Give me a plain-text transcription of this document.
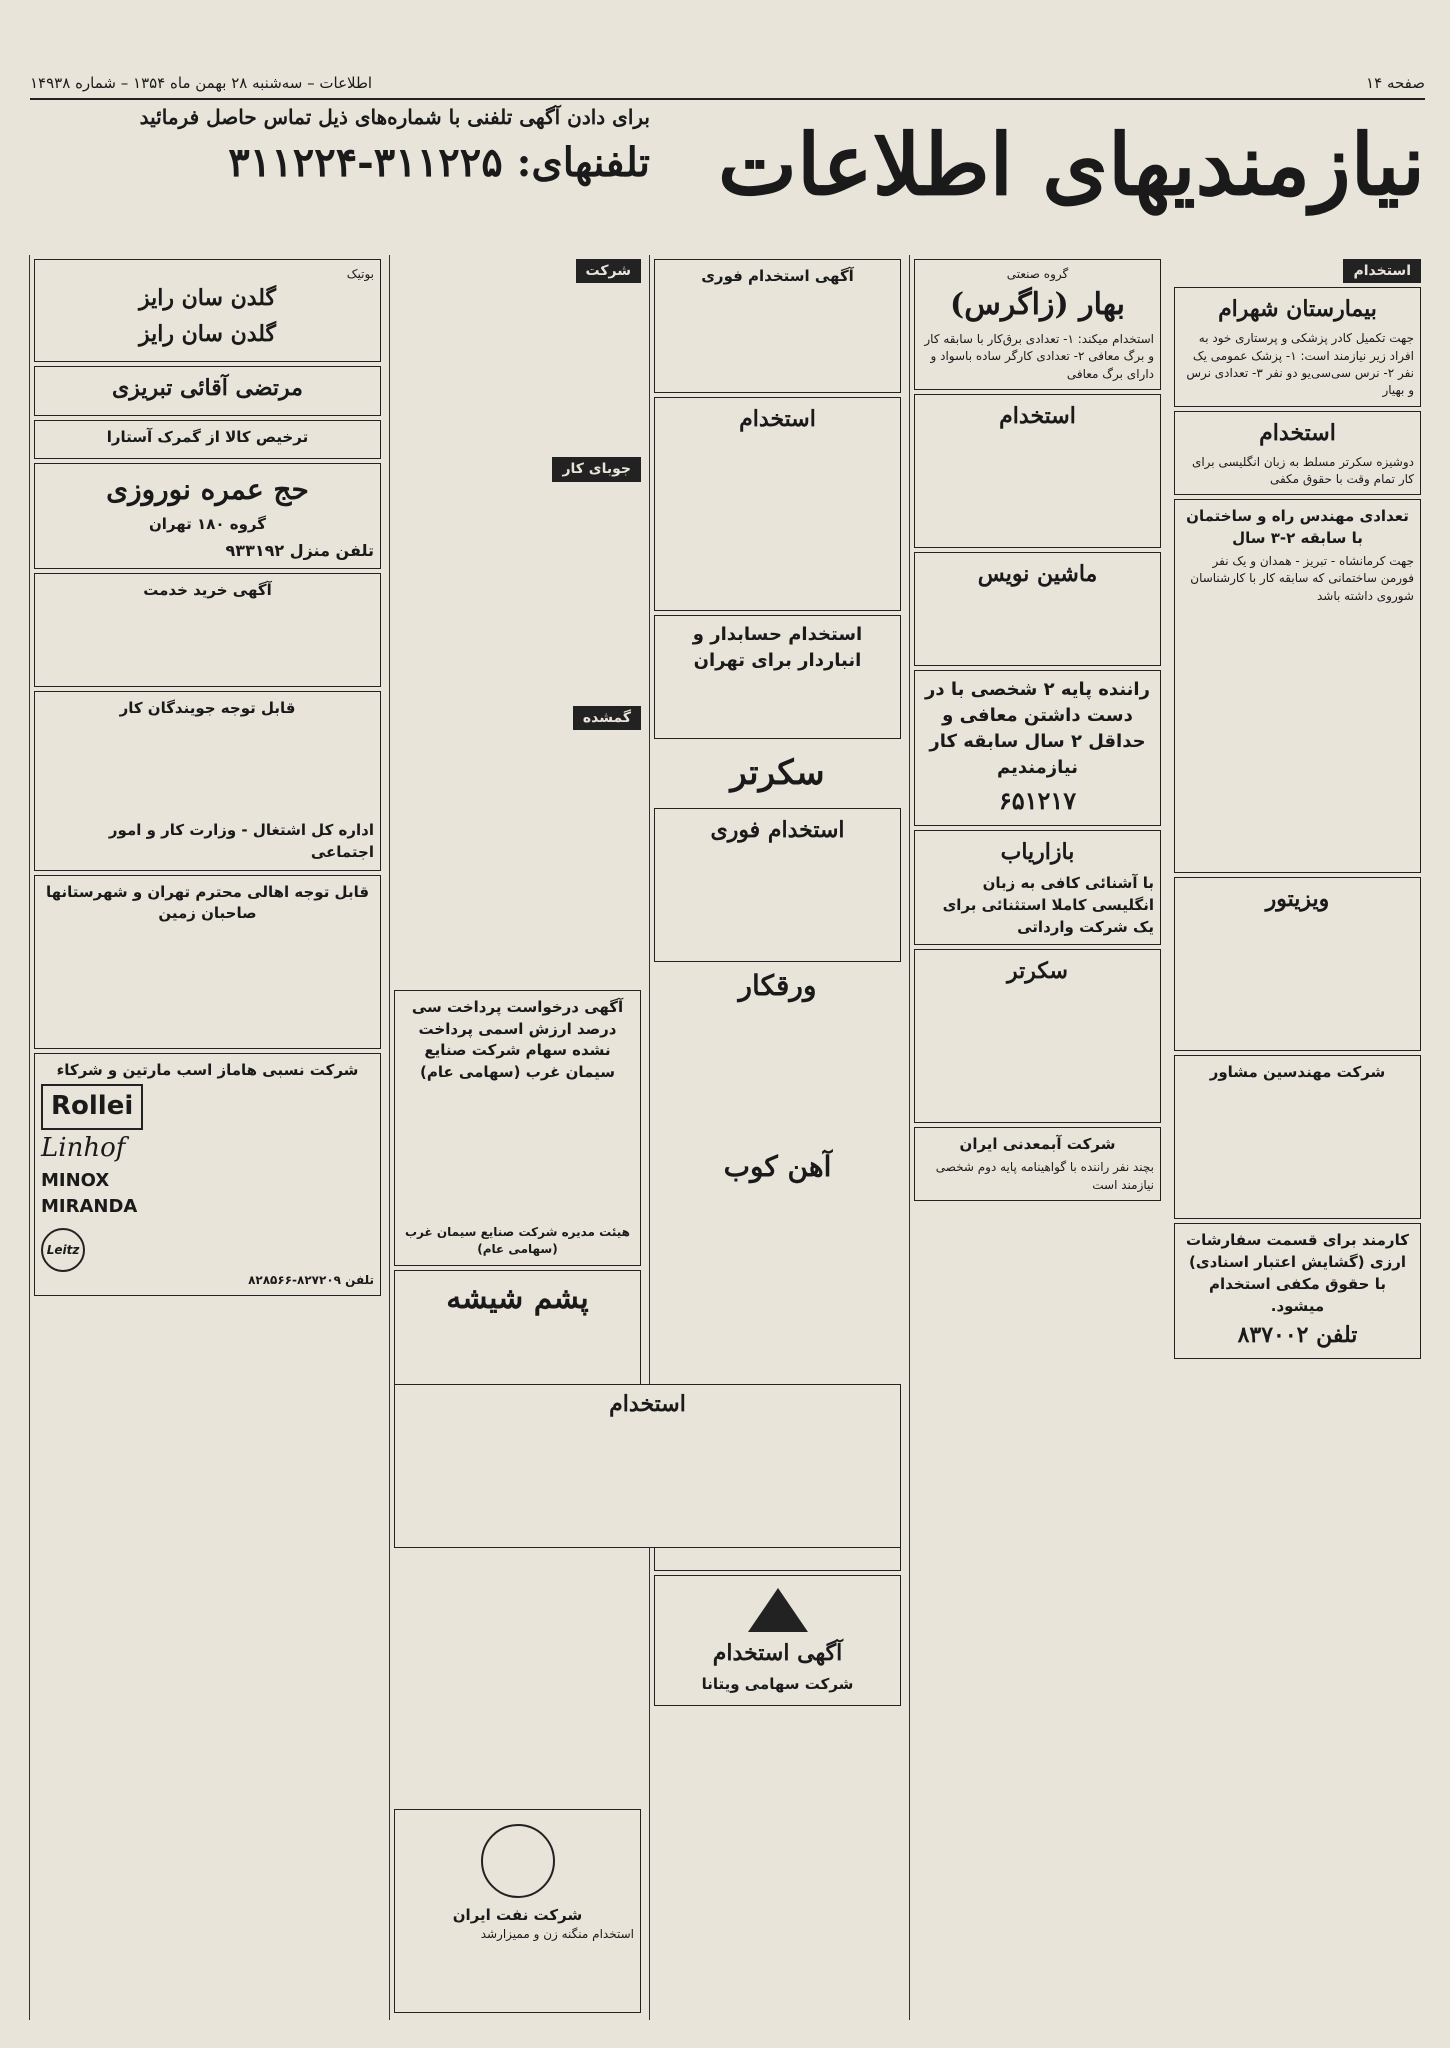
صفحه ۱۴
اطلاعات – سه‌شنبه ۲۸ بهمن ماه ۱۳۵۴ – شماره ۱۴۹۳۸
نیازمندیهای اطلاعات
برای دادن آگهی تلفنی با شماره‌های ذیل تماس حاصل فرمائید
تلفنهای: ۳۱۱۲۲۵-۳۱۱۲۲۴
استخدام
بیمارستان شهرام

جهت تکمیل کادر پزشکی و پرستاری خود به افراد زیر نیازمند است: ۱- پزشک عمومی یک نفر ۲- نرس سی‌سی‌یو دو نفر ۳- تعدادی نرس و بهیار

استخدام

دوشیزه سکرتر مسلط به زبان انگلیسی برای کار تمام وقت با حقوق مکفی

تعدادی مهندس راه و ساختمان با سابقه ۲-۳ سال

جهت کرمانشاه - تبریز - همدان و یک نفر فورمن ساختمانی که سابقه کار با کارشناسان شوروی داشته باشد

ویزیتور
شرکت مهندسین مشاور
کارمند برای قسمت سفارشات ارزی (گشایش اعتبار اسنادی) با حقوق مکفی استخدام میشود.

تلفن ۸۳۷۰۰۲

گروه صنعتی

بهار (زاگرس)

استخدام میکند: ۱- تعدادی برق‌کار با سابقه کار و برگ معافی ۲- تعدادی کارگر ساده باسواد و دارای برگ معافی

استخدام
ماشین نویس
راننده پایه ۲ شخصی با در دست داشتن معافی و حداقل ۲ سال سابقه کار نیازمندیم

۶۵۱۲۱۷

بازاریاب

با آشنائی کافی به زبان انگلیسی کاملا استثنائی برای یک شرکت وارداتی

سکرتر
شرکت آبمعدنی ایران

بچند نفر راننده با گواهینامه پایه دوم شخصی نیازمند است

آگهی استخدام فوری
استخدام
استخدام حسابدار و انباردار برای تهران
سکرتر
استخدام فوری
ورقکار
آهن کوب
آگهی استخدام
شرکت سهامی ویتانا
شرکت
جوبای کار
گمشده
آگهی درخواست پرداخت سی درصد ارزش اسمی پرداخت نشده سهام شرکت صنایع سیمان غرب (سهامی عام)

هیئت مدیره شرکت صنایع سیمان غرب (سهامی عام)

پشم شیشه
استخدام
شرکت نفت ایران

استخدام منگنه زن و ممیزارشد

بوتیک

گلدن سان رایز
گلدن سان رایز
مرتضی آقائی تبریزی
ترخیص کالا از گمرک آستارا
حج عمره نوروزی
گروه ۱۸۰ تهران

تلفن منزل ۹۳۳۱۹۲

آگهی خرید خدمت
قابل توجه جویندگان کار

اداره کل اشتغال - وزارت کار و امور اجتماعی

قابل توجه اهالی محترم تهران و شهرستانها صاحبان زمین
شرکت نسبی هاماز اسب مارتین و شرکاء
Rollei
Linhof
MINOX
MIRANDA
Leitz

تلفن ۸۲۷۲۰۹-۸۲۸۵۶۶
